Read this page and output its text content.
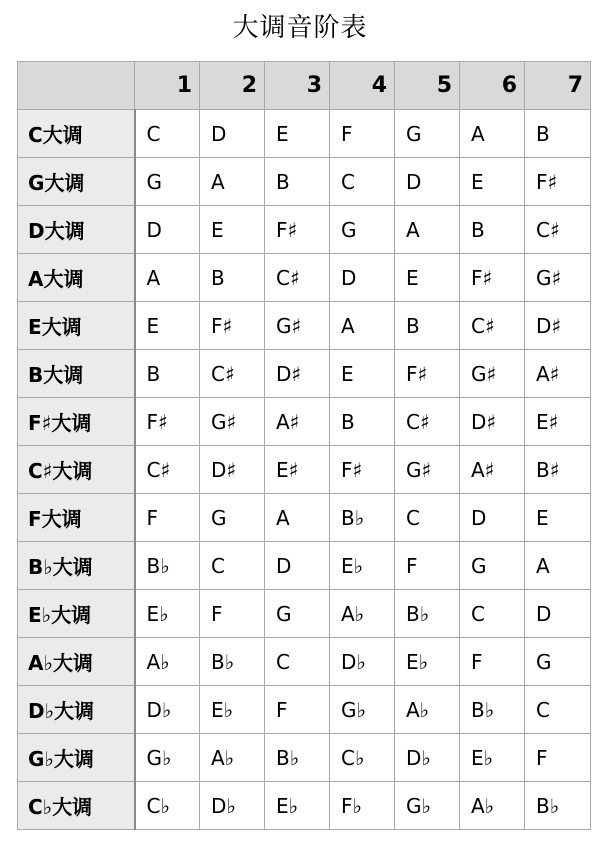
大调音阶表
	1	2	3	4	5	6	7
C大调	C	D	E	F	G	A	B
G大调	G	A	B	C	D	E	F♯
D大调	D	E	F♯	G	A	B	C♯
A大调	A	B	C♯	D	E	F♯	G♯
E大调	E	F♯	G♯	A	B	C♯	D♯
B大调	B	C♯	D♯	E	F♯	G♯	A♯
F♯大调	F♯	G♯	A♯	B	C♯	D♯	E♯
C♯大调	C♯	D♯	E♯	F♯	G♯	A♯	B♯
F大调	F	G	A	B♭	C	D	E
B♭大调	B♭	C	D	E♭	F	G	A
E♭大调	E♭	F	G	A♭	B♭	C	D
A♭大调	A♭	B♭	C	D♭	E♭	F	G
D♭大调	D♭	E♭	F	G♭	A♭	B♭	C
G♭大调	G♭	A♭	B♭	C♭	D♭	E♭	F
C♭大调	C♭	D♭	E♭	F♭	G♭	A♭	B♭
